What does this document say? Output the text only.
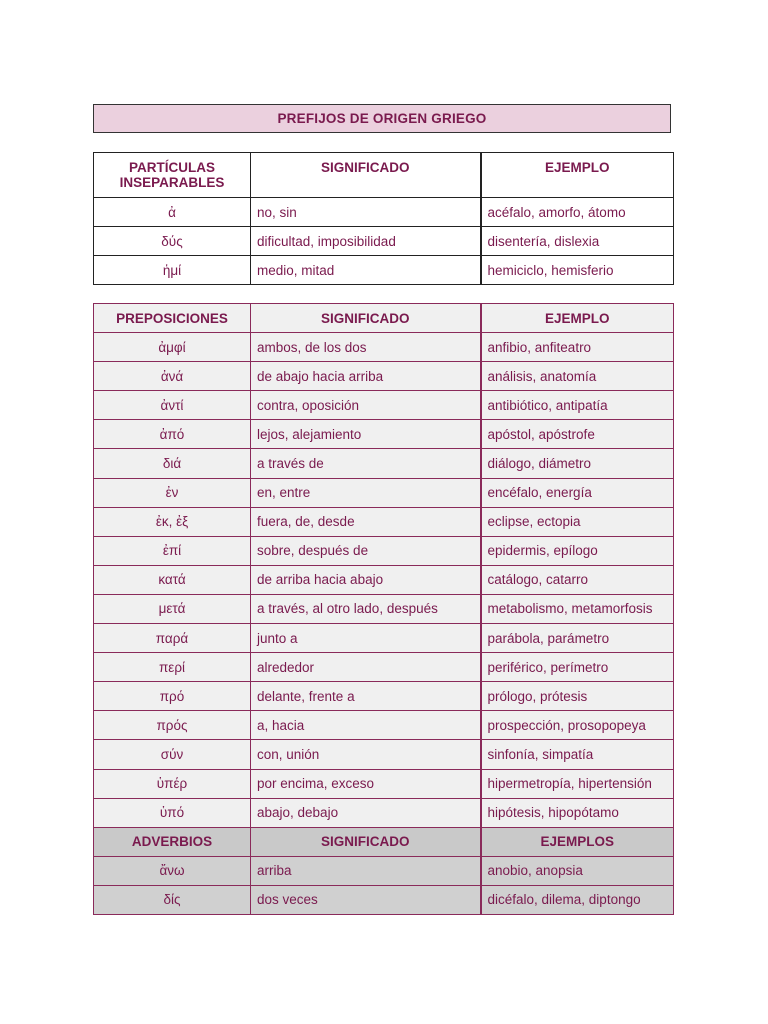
PREFIJOS DE ORIGEN GRIEGO
PARTÍCULAS INSEPARABLES	SIGNIFICADO	EJEMPLO
ἀ	no, sin	acéfalo, amorfo, átomo
δύς	dificultad, imposibilidad	disentería, dislexia
ἡμί	medio, mitad	hemiciclo, hemisferio
PREPOSICIONES	SIGNIFICADO	EJEMPLO
ἀμφί	ambos, de los dos	anfibio, anfiteatro
ἀνά	de abajo hacia arriba	análisis, anatomía
ἀντί	contra, oposición	antibiótico, antipatía
ἀπό	lejos, alejamiento	apóstol, apóstrofe
διά	a través de	diálogo, diámetro
ἐν	en, entre	encéfalo, energía
ἐκ, ἐξ	fuera, de, desde	eclipse, ectopia
ἐπί	sobre, después de	epidermis, epílogo
κατά	de arriba hacia abajo	catálogo, catarro
μετά	a través, al otro lado, después	metabolismo, metamorfosis
παρά	junto a	parábola, parámetro
περί	alrededor	periférico, perímetro
πρό	delante, frente a	prólogo, prótesis
πρός	a, hacia	prospección, prosopopeya
σύν	con, unión	sinfonía, simpatía
ὑπέρ	por encima, exceso	hipermetropía, hipertensión
ὑπό	abajo, debajo	hipótesis, hipopótamo
ADVERBIOS	SIGNIFICADO	EJEMPLOS
ἄνω	arriba	anobio, anopsia
δίς	dos veces	dicéfalo, dilema, diptongo
